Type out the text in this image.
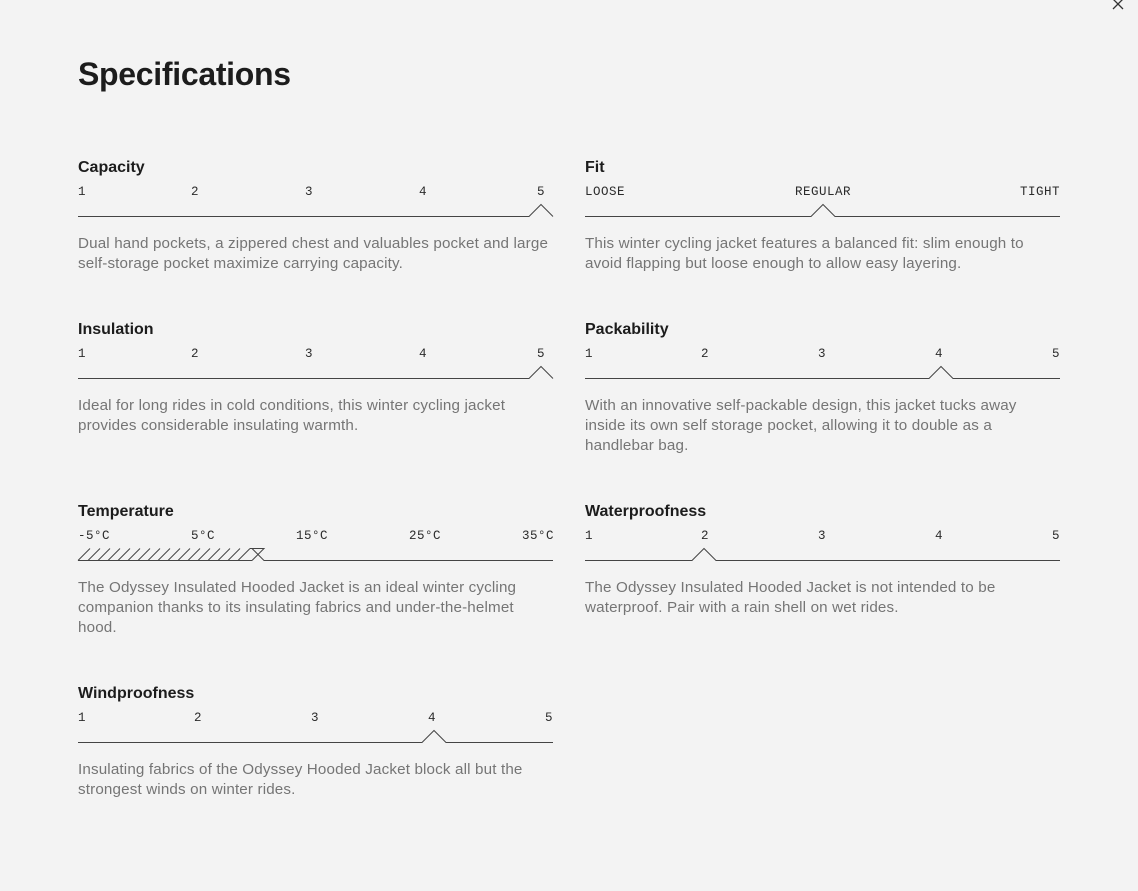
Specifications
Capacity
1	2	3	4	5

Dual hand pockets, a zippered chest and valuables pocket and large self-storage pocket maximize carrying capacity.

Fit
LOOSE	REGULAR	TIGHT

This winter cycling jacket features a balanced fit: slim enough to avoid flapping but loose enough to allow easy layering.

Insulation
1	2	3	4	5

Ideal for long rides in cold conditions, this winter cycling jacket provides considerable insulating warmth.

Packability
1	2	3	4	5

With an innovative self-packable design, this jacket tucks away inside its own self storage pocket, allowing it to double as a handlebar bag.

Temperature
-5°C	5°C	15°C	25°C	35°C

The Odyssey Insulated Hooded Jacket is an ideal winter cycling companion thanks to its insulating fabrics and under-the-helmet hood.

Waterproofness
1	2	3	4	5

The Odyssey Insulated Hooded Jacket is not intended to be waterproof. Pair with a rain shell on wet rides.

Windproofness
1	2	3	4	5

Insulating fabrics of the Odyssey Hooded Jacket block all but the strongest winds on winter rides.
